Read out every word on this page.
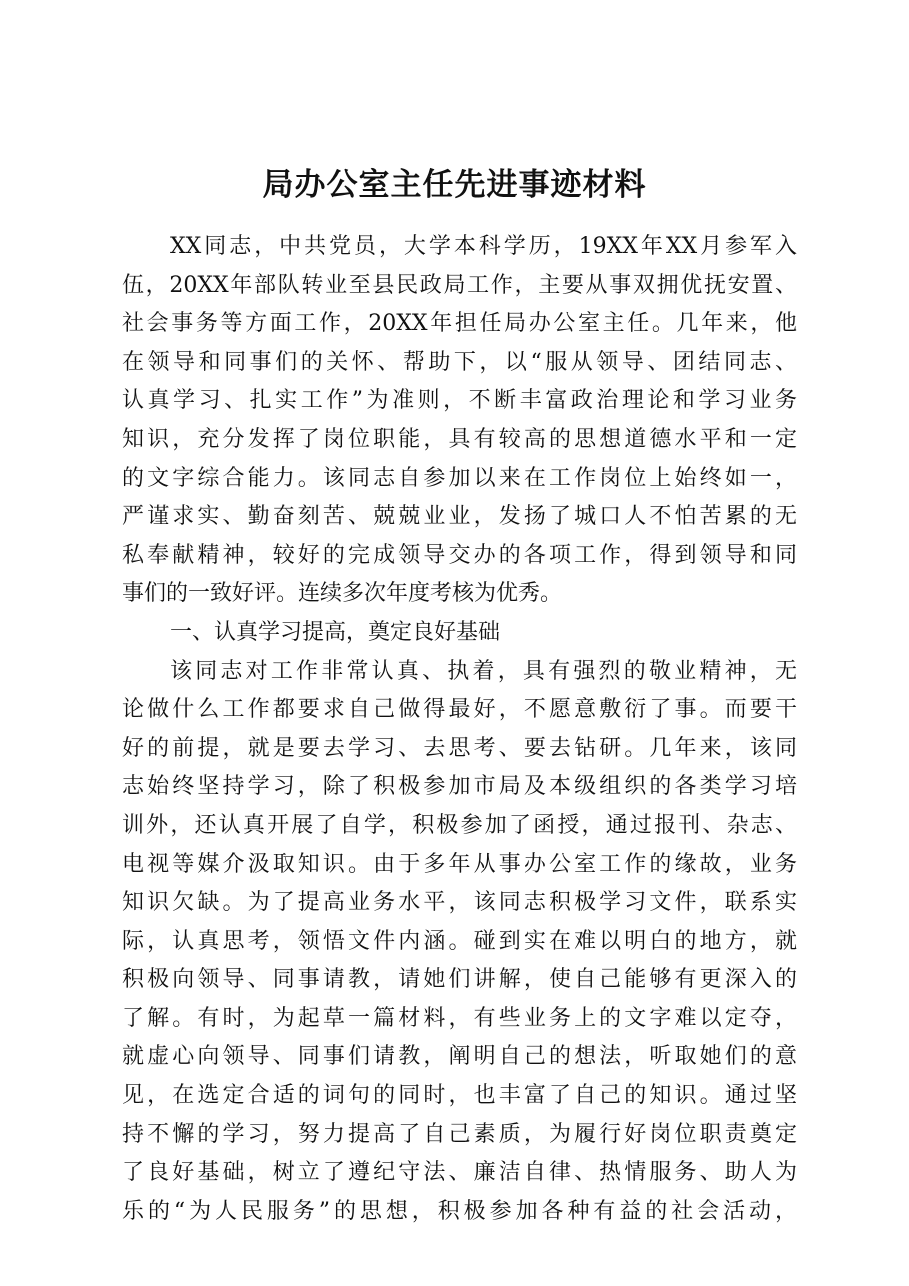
局办公室主任先进事迹材料
XX同志，中共党员，大学本科学历，19XX年XX月参军入
伍，20XX年部队转业至县民政局工作，主要从事双拥优抚安置、
社会事务等方面工作，20XX年担任局办公室主任。几年来，他
在领导和同事们的关怀、帮助下，以“服从领导、团结同志、
认真学习、扎实工作”为准则，不断丰富政治理论和学习业务
知识，充分发挥了岗位职能，具有较高的思想道德水平和一定
的文字综合能力。该同志自参加以来在工作岗位上始终如一，
严谨求实、勤奋刻苦、兢兢业业，发扬了城口人不怕苦累的无
私奉献精神，较好的完成领导交办的各项工作，得到领导和同
事们的一致好评。连续多次年度考核为优秀。
一、认真学习提高，奠定良好基础
该同志对工作非常认真、执着，具有强烈的敬业精神，无
论做什么工作都要求自己做得最好，不愿意敷衍了事。而要干
好的前提，就是要去学习、去思考、要去钻研。几年来，该同
志始终坚持学习，除了积极参加市局及本级组织的各类学习培
训外，还认真开展了自学，积极参加了函授，通过报刊、杂志、
电视等媒介汲取知识。由于多年从事办公室工作的缘故，业务
知识欠缺。为了提高业务水平，该同志积极学习文件，联系实
际，认真思考，领悟文件内涵。碰到实在难以明白的地方，就
积极向领导、同事请教，请她们讲解，使自己能够有更深入的
了解。有时，为起草一篇材料，有些业务上的文字难以定夺，
就虚心向领导、同事们请教，阐明自己的想法，听取她们的意
见，在选定合适的词句的同时，也丰富了自己的知识。通过坚
持不懈的学习，努力提高了自己素质，为履行好岗位职责奠定
了良好基础，树立了遵纪守法、廉洁自律、热情服务、助人为
乐的“为人民服务”的思想，积极参加各种有益的社会活动，
